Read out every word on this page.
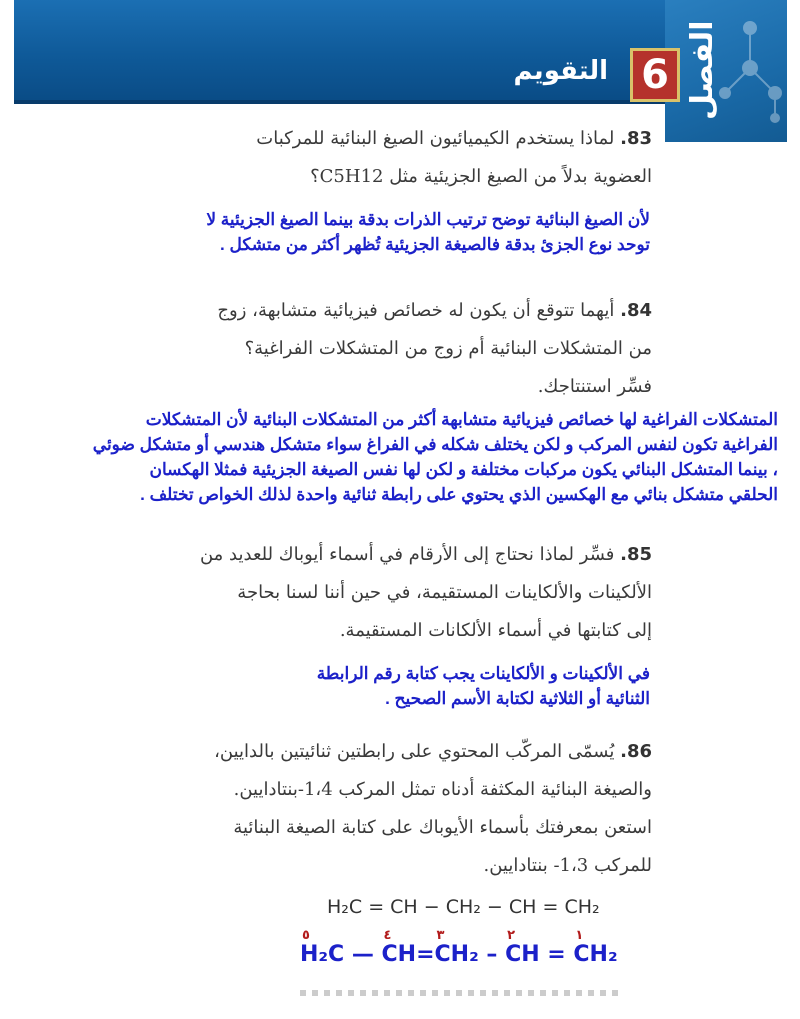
الفصل
6
التقويم
83. لماذا يستخدم الكيميائيون الصيغ البنائية للمركبات
العضوية بدلاً من الصيغ الجزيئية مثل C5H12؟
لأن الصيغ البنائية توضح ترتيب الذرات بدقة بينما الصيغ الجزيئية لا
توحد نوع الجزئ بدقة فالصيغة الجزيئية تُظهر أكثر من متشكل .
84. أيهما تتوقع أن يكون له خصائص فيزيائية متشابهة، زوج
من المتشكلات البنائية أم زوج من المتشكلات الفراغية؟
فسِّر استنتاجك.
المتشكلات الفراغية لها خصائص فيزيائية متشابهة أكثر من المتشكلات البنائية لأن المتشكلات
الفراغية تكون لنفس المركب و لكن يختلف شكله في الفراغ سواء متشكل هندسي أو متشكل ضوئي
، بينما المتشكل البنائي يكون مركبات مختلفة و لكن لها نفس الصيغة الجزيئية فمثلا الهكسان
الحلقي متشكل بنائي مع الهكسين الذي يحتوي على رابطة ثنائية واحدة لذلك الخواص تختلف .
85. فسِّر لماذا نحتاج إلى الأرقام في أسماء أيوباك للعديد من
الألكينات والألكاينات المستقيمة، في حين أننا لسنا بحاجة
إلى كتابتها في أسماء الألكانات المستقيمة.
في الألكينات و الألكاينات يجب كتابة رقم الرابطة
الثنائية أو الثلاثية لكتابة الأسم الصحيح .
86. يُسمّى المركّب المحتوي على رابطتين ثنائيتين بالدايين،
والصيغة البنائية المكثفة أدناه تمثل المركب 1،4-بنتادايين.
استعن بمعرفتك بأسماء الأيوباك على كتابة الصيغة البنائية
للمركب 1،3- بنتادايين.
H₂C = CH − CH₂ − CH = CH₂
٥
H₂C —
٤
CH=
٣
CH₂ –
٢
CH =
١
CH₂
